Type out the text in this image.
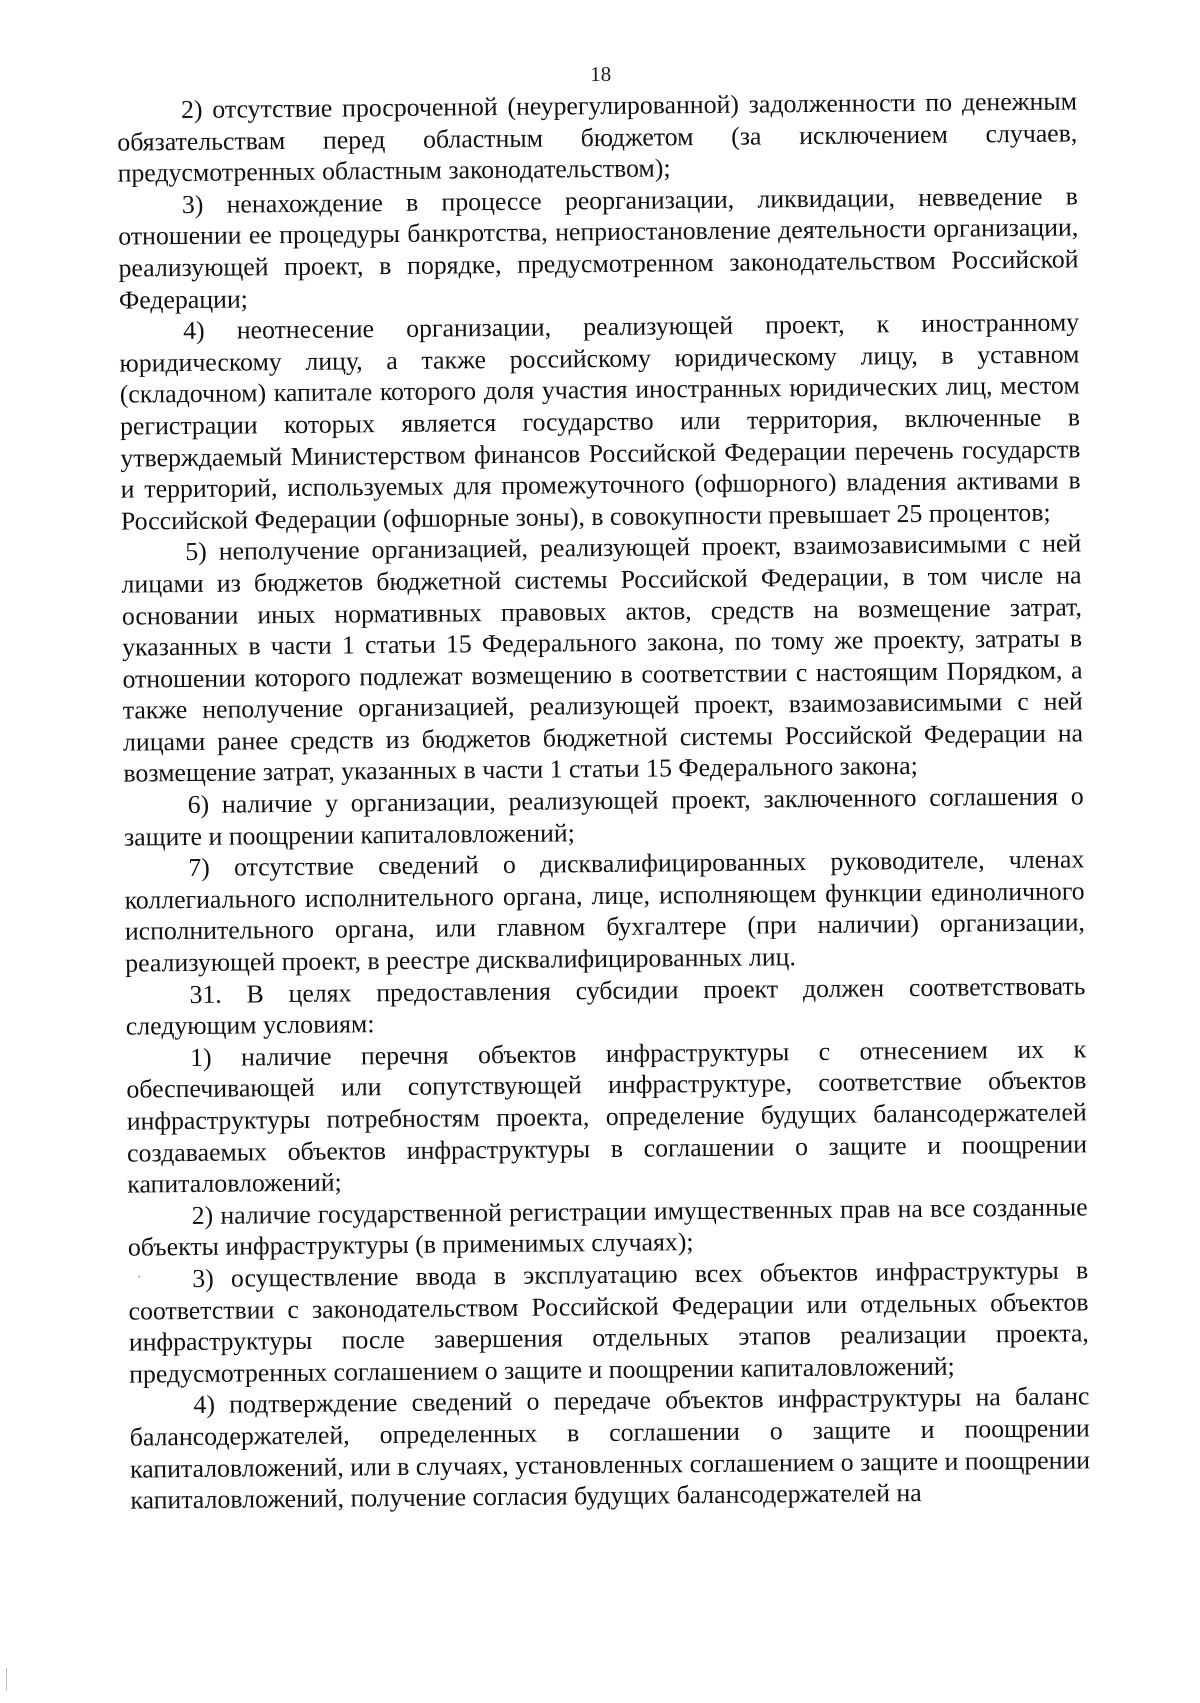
18

2) отсутствие просроченной (неурегулированной) задолженности по денежным обязательствам перед областным бюджетом (за исключением случаев, предусмотренных областным законодательством);

3) ненахождение в процессе реорганизации, ликвидации, невведение в отношении ее процедуры банкротства, неприостановление деятельности организации, реализующей проект, в порядке, предусмотренном законодательством Российской Федерации;

4) неотнесение организации, реализующей проект, к иностранному юридическому лицу, а также российскому юридическому лицу, в уставном (складочном) капитале которого доля участия иностранных юридических лиц, местом регистрации которых является государство или территория, включенные в утверждаемый Министерством финансов Российской Федерации перечень государств и территорий, используемых для промежуточного (офшорного) владения активами в Российской Федерации (офшорные зоны), в совокупности превышает 25 процентов;

5) неполучение организацией, реализующей проект, взаимозависимыми с ней лицами из бюджетов бюджетной системы Российской Федерации, в том числе на основании иных нормативных правовых актов, средств на возмещение затрат, указанных в части 1 статьи 15 Федерального закона, по тому же проекту, затраты в отношении которого подлежат возмещению в соответствии с настоящим Порядком, а также неполучение организацией, реализующей проект, взаимозависимыми с ней лицами ранее средств из бюджетов бюджетной системы Российской Федерации на возмещение затрат, указанных в части 1 статьи 15 Федерального закона;

6) наличие у организации, реализующей проект, заключенного соглашения о защите и поощрении капиталовложений;

7) отсутствие сведений о дисквалифицированных руководителе, членах коллегиального исполнительного органа, лице, исполняющем функции единоличного исполнительного органа, или главном бухгалтере (при наличии) организации, реализующей проект, в реестре дисквалифицированных лиц.

31. В целях предоставления субсидии проект должен соответствовать следующим условиям:

1) наличие перечня объектов инфраструктуры с отнесением их к обеспечивающей или сопутствующей инфраструктуре, соответствие объектов инфраструктуры потребностям проекта, определение будущих балансодержателей создаваемых объектов инфраструктуры в соглашении о защите и поощрении капиталовложений;

2) наличие государственной регистрации имущественных прав на все созданные объекты инфраструктуры (в применимых случаях);

3) осуществление ввода в эксплуатацию всех объектов инфраструктуры в соответствии с законодательством Российской Федерации или отдельных объектов инфраструктуры после завершения отдельных этапов реализации проекта, предусмотренных соглашением о защите и поощрении капиталовложений;

4) подтверждение сведений о передаче объектов инфраструктуры на баланс балансодержателей, определенных в соглашении о защите и поощрении капиталовложений, или в случаях, установленных соглашением о защите и поощрении капиталовложений, получение согласия будущих балансодержателей на
